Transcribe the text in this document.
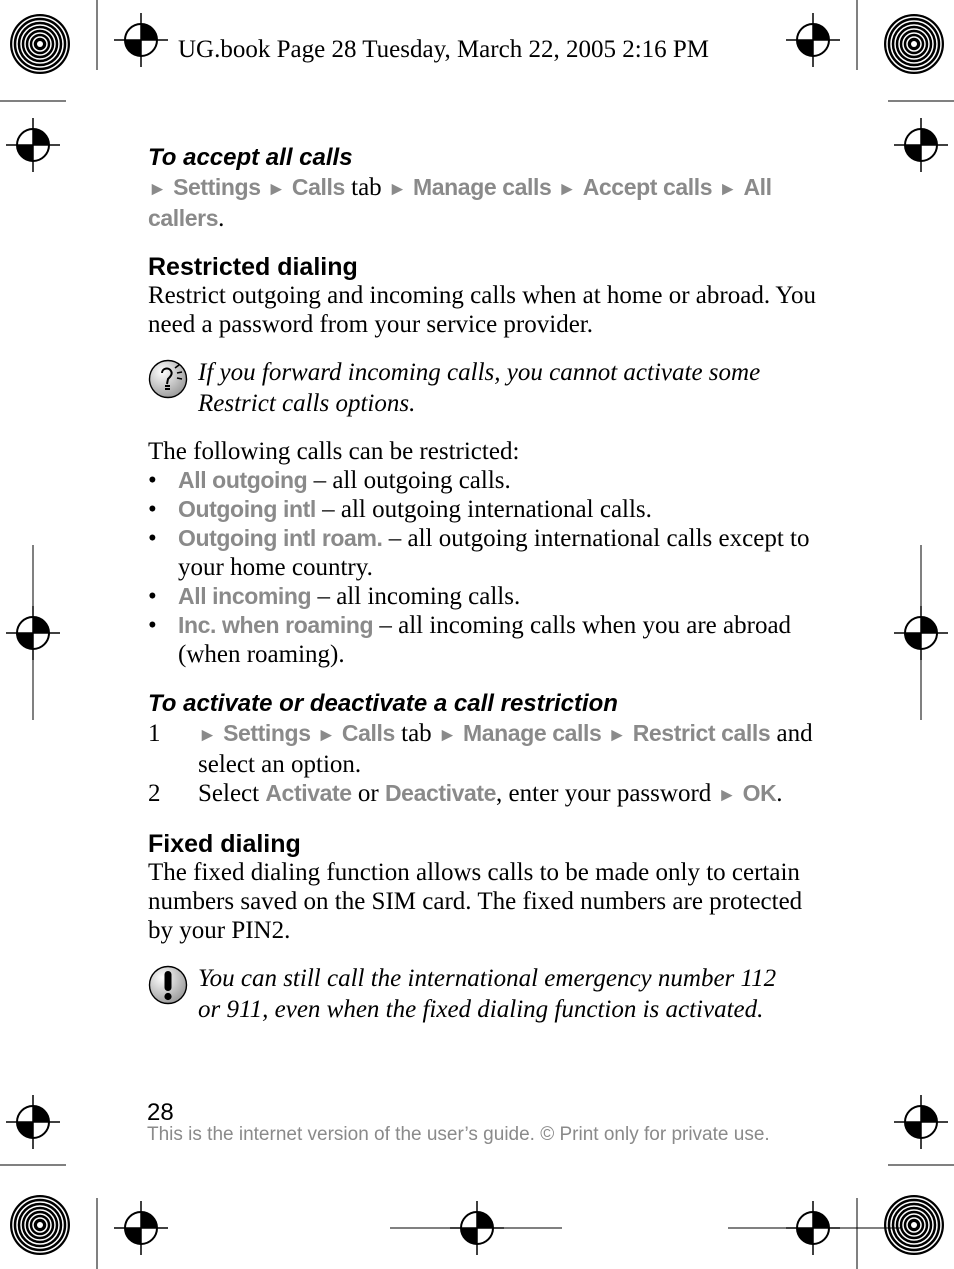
UG.book Page 28 Tuesday, March 22, 2005 2:16 PM

To accept all calls

► Settings ► Calls tab ► Manage calls ► Accept calls ► All callers.

Restricted dialing

Restrict outgoing and incoming calls when at home or abroad. You need a password from your service provider.

If you forward incoming calls, you cannot activate some Restrict calls options.

The following calls can be restricted:

• All outgoing – all outgoing calls.
• Outgoing intl – all outgoing international calls.
• Outgoing intl roam. – all outgoing international calls except to your home country.
• All incoming – all incoming calls.
• Inc. when roaming – all incoming calls when you are abroad (when roaming).

To activate or deactivate a call restriction

1 ► Settings ► Calls tab ► Manage calls ► Restrict calls and select an option.
2 Select Activate or Deactivate, enter your password ► OK.

Fixed dialing

The fixed dialing function allows calls to be made only to certain numbers saved on the SIM card. The fixed numbers are protected by your PIN2.

You can still call the international emergency number 112 or 911, even when the fixed dialing function is activated.

28
This is the internet version of the user’s guide. © Print only for private use.
